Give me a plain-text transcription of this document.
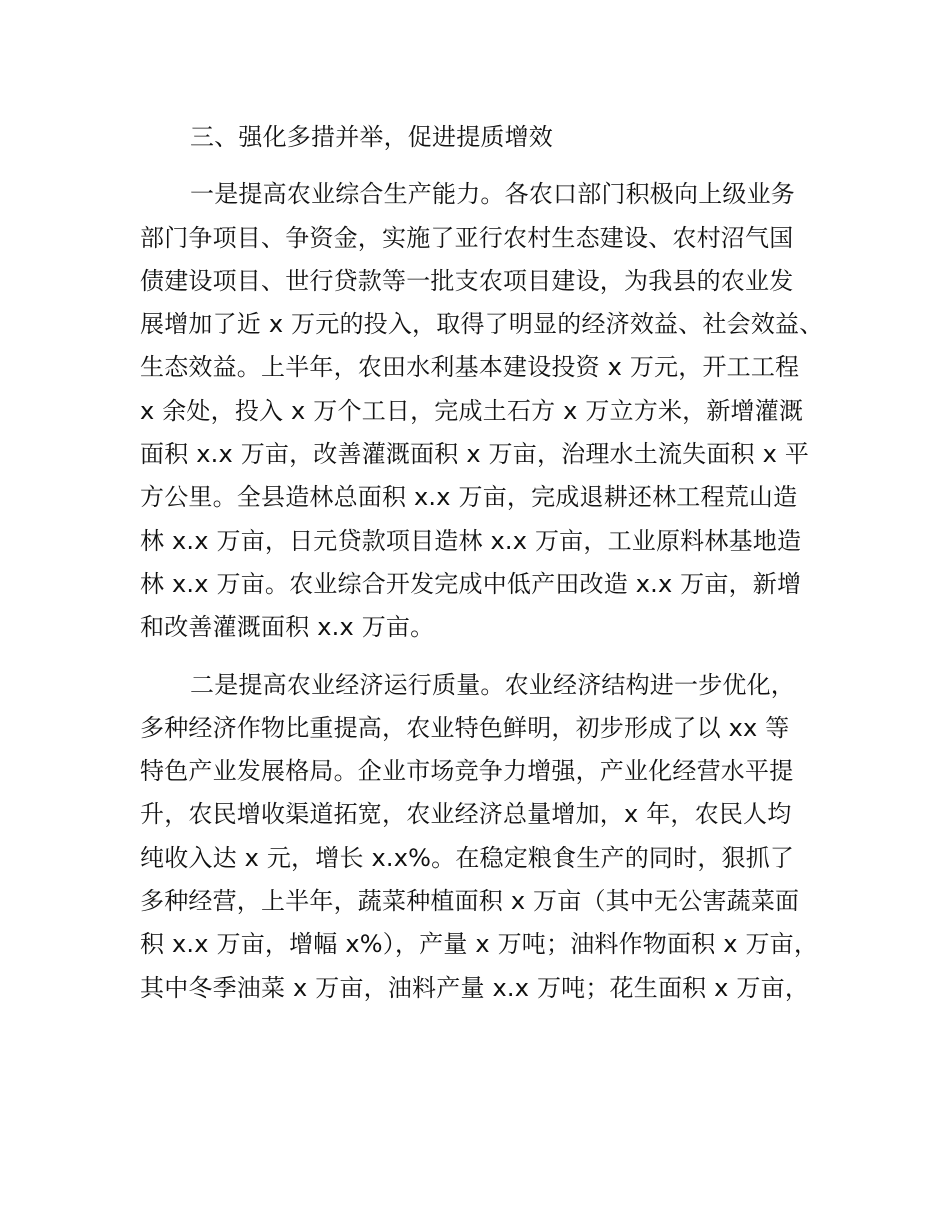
三、强化多措并举，促进提质增效
一是提高农业综合生产能力。各农口部门积极向上级业务
部门争项目、争资金，实施了亚行农村生态建设、农村沼气国
债建设项目、世行贷款等一批支农项目建设，为我县的农业发
展增加了近 x 万元的投入，取得了明显的经济效益、社会效益、
生态效益。上半年，农田水利基本建设投资 x 万元，开工工程
x 余处，投入 x 万个工日，完成土石方 x 万立方米，新增灌溉
面积 x.x 万亩，改善灌溉面积 x 万亩，治理水土流失面积 x 平
方公里。全县造林总面积 x.x 万亩，完成退耕还林工程荒山造
林 x.x 万亩，日元贷款项目造林 x.x 万亩，工业原料林基地造
林 x.x 万亩。农业综合开发完成中低产田改造 x.x 万亩，新增
和改善灌溉面积 x.x 万亩。
二是提高农业经济运行质量。农业经济结构进一步优化，
多种经济作物比重提高，农业特色鲜明，初步形成了以 xx 等
特色产业发展格局。企业市场竞争力增强，产业化经营水平提
升，农民增收渠道拓宽，农业经济总量增加，x 年，农民人均
纯收入达 x 元，增长 x.x%。在稳定粮食生产的同时，狠抓了
多种经营，上半年，蔬菜种植面积 x 万亩（其中无公害蔬菜面
积 x.x 万亩，增幅 x%），产量 x 万吨；油料作物面积 x 万亩，
其中冬季油菜 x 万亩，油料产量 x.x 万吨；花生面积 x 万亩，
